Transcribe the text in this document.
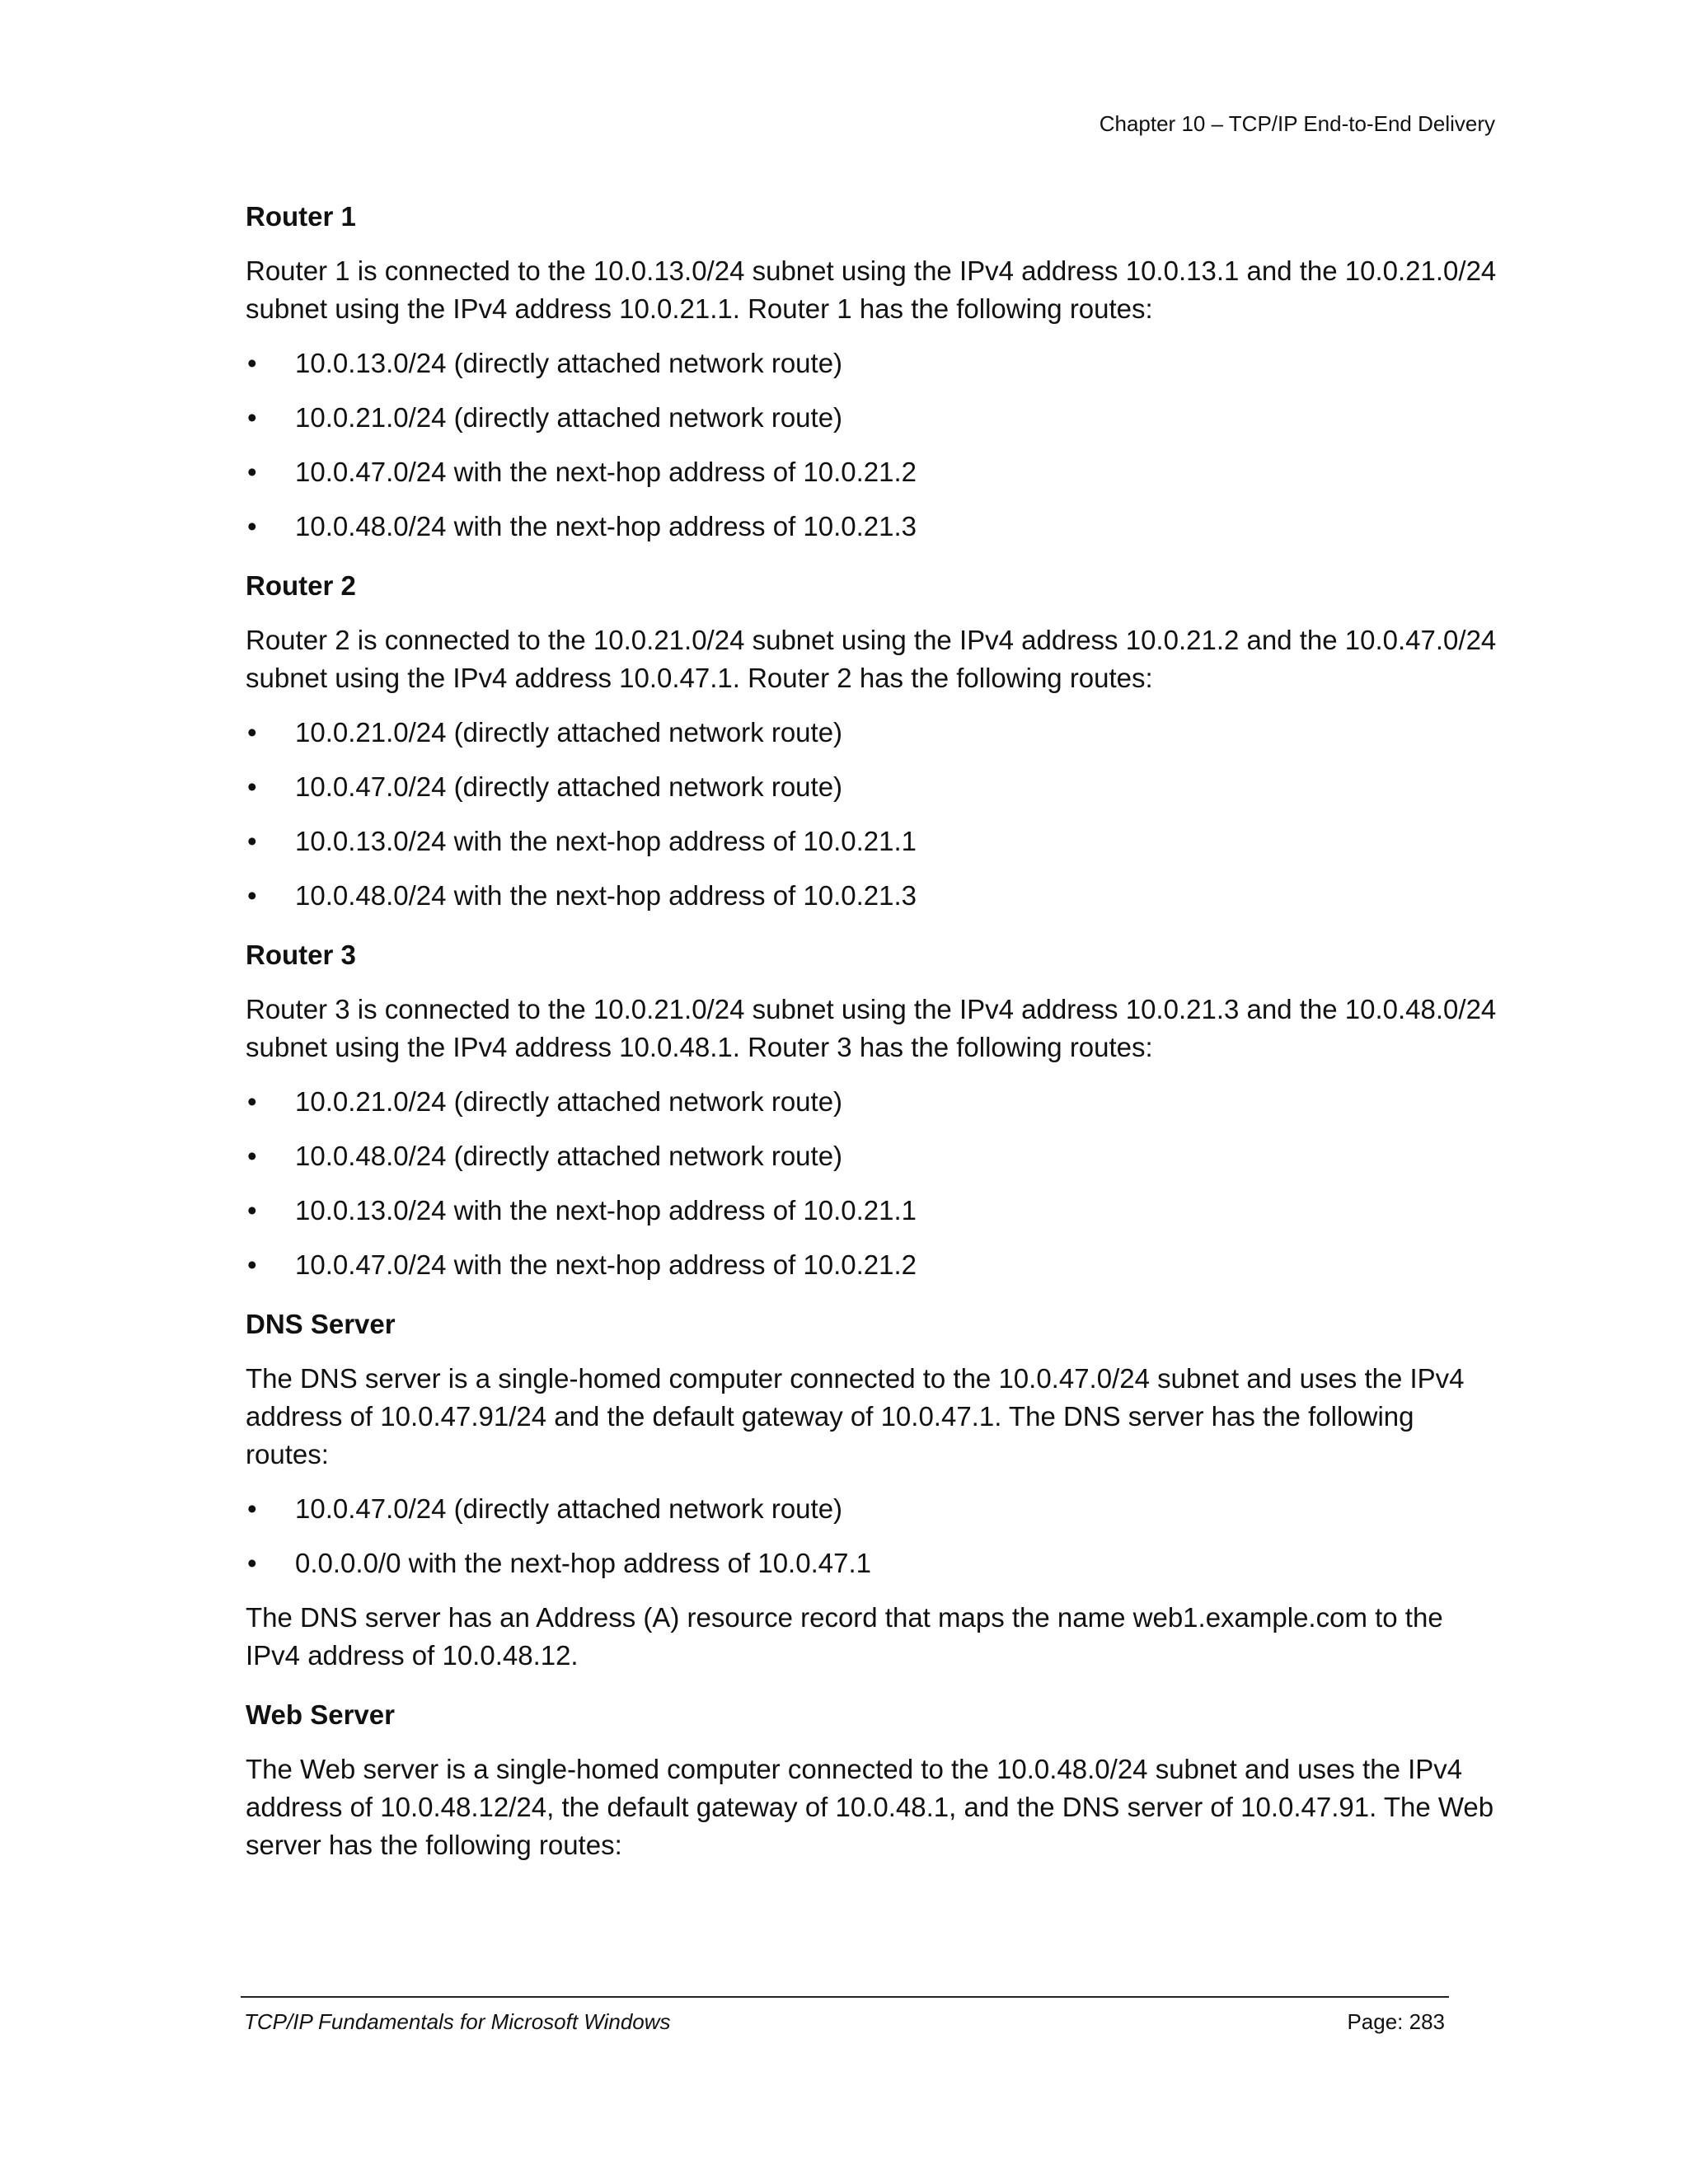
Chapter 10 – TCP/IP End-to-End Delivery
Router 1
Router 1 is connected to the 10.0.13.0/24 subnet using the IPv4 address 10.0.13.1 and the 10.0.21.0/24 subnet using the IPv4 address 10.0.21.1. Router 1 has the following routes:
• 10.0.13.0/24 (directly attached network route)
• 10.0.21.0/24 (directly attached network route)
• 10.0.47.0/24 with the next-hop address of 10.0.21.2
• 10.0.48.0/24 with the next-hop address of 10.0.21.3
Router 2
Router 2 is connected to the 10.0.21.0/24 subnet using the IPv4 address 10.0.21.2 and the 10.0.47.0/24 subnet using the IPv4 address 10.0.47.1. Router 2 has the following routes:
• 10.0.21.0/24 (directly attached network route)
• 10.0.47.0/24 (directly attached network route)
• 10.0.13.0/24 with the next-hop address of 10.0.21.1
• 10.0.48.0/24 with the next-hop address of 10.0.21.3
Router 3
Router 3 is connected to the 10.0.21.0/24 subnet using the IPv4 address 10.0.21.3 and the 10.0.48.0/24 subnet using the IPv4 address 10.0.48.1. Router 3 has the following routes:
• 10.0.21.0/24 (directly attached network route)
• 10.0.48.0/24 (directly attached network route)
• 10.0.13.0/24 with the next-hop address of 10.0.21.1
• 10.0.47.0/24 with the next-hop address of 10.0.21.2
DNS Server
The DNS server is a single-homed computer connected to the 10.0.47.0/24 subnet and uses the IPv4 address of 10.0.47.91/24 and the default gateway of 10.0.47.1. The DNS server has the following routes:
• 10.0.47.0/24 (directly attached network route)
• 0.0.0.0/0 with the next-hop address of 10.0.47.1
The DNS server has an Address (A) resource record that maps the name web1.example.com to the IPv4 address of 10.0.48.12.
Web Server
The Web server is a single-homed computer connected to the 10.0.48.0/24 subnet and uses the IPv4 address of 10.0.48.12/24, the default gateway of 10.0.48.1, and the DNS server of 10.0.47.91. The Web server has the following routes:
TCP/IP Fundamentals for Microsoft Windows	Page: 283
